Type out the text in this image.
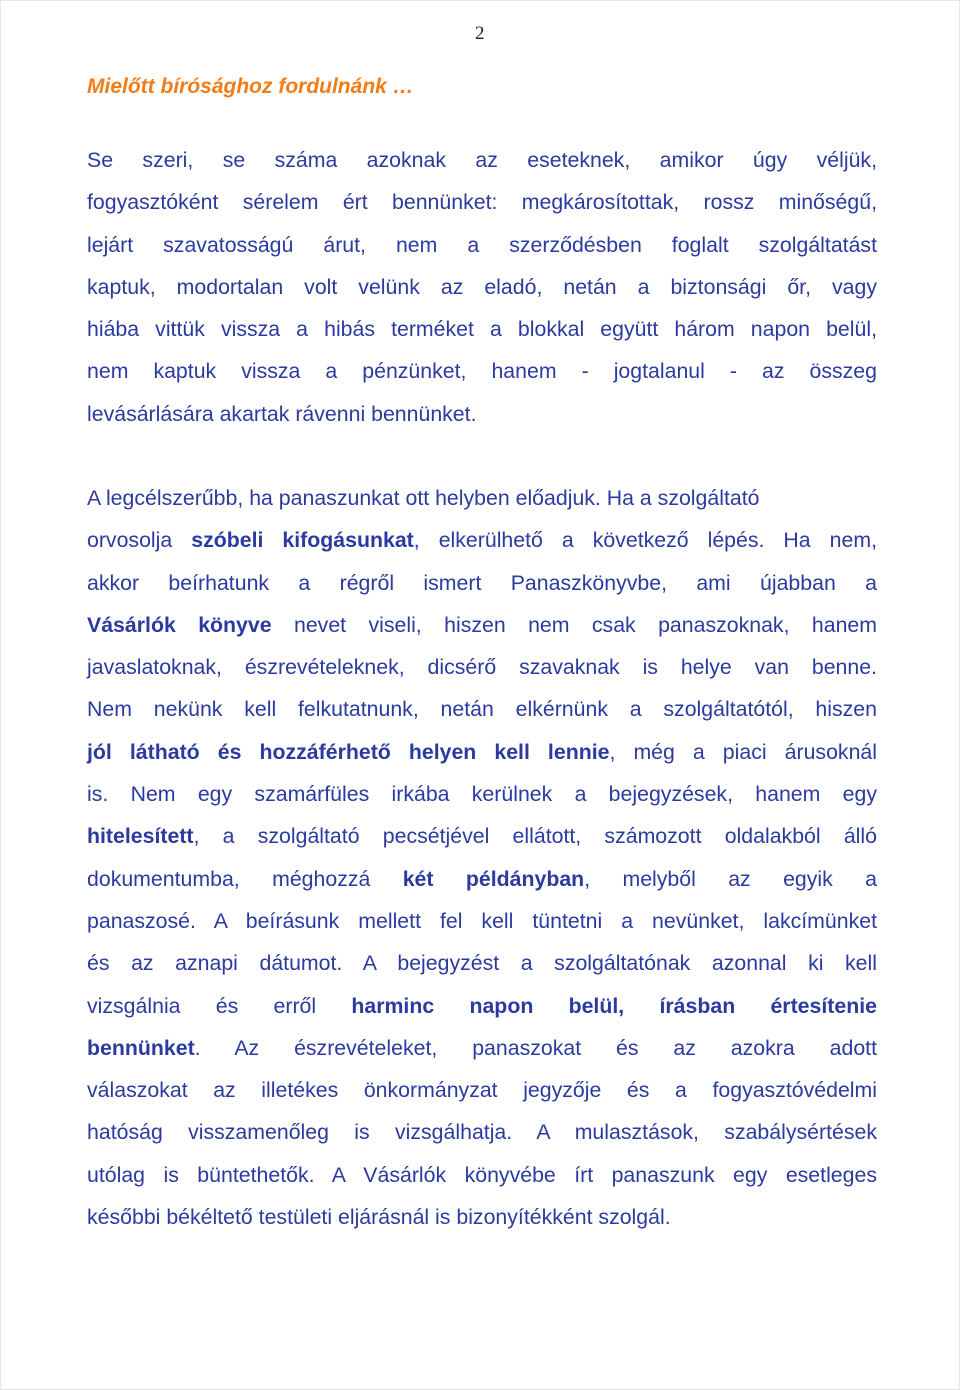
2
Mielőtt bírósághoz fordulnánk …

Se szeri, se száma azoknak az eseteknek, amikor úgy véljük,
fogyasztóként sérelem ért bennünket: megkárosítottak, rossz minőségű,
lejárt szavatosságú árut, nem a szerződésben foglalt szolgáltatást
kaptuk, modortalan volt velünk az eladó, netán a biztonsági őr, vagy
hiába vittük vissza a hibás terméket a blokkal együtt három napon belül,
nem kaptuk vissza a pénzünket, hanem - jogtalanul - az összeg
levásárlására akartak rávenni bennünket.

A legcélszerűbb, ha panaszunkat ott helyben előadjuk. Ha a szolgáltató
orvosolja szóbeli kifogásunkat, elkerülhető a következő lépés. Ha nem,
akkor beírhatunk a régről ismert Panaszkönyvbe, ami újabban a
Vásárlók könyve nevet viseli, hiszen nem csak panaszoknak, hanem
javaslatoknak, észrevételeknek, dicsérő szavaknak is helye van benne.
Nem nekünk kell felkutatnunk, netán elkérnünk a szolgáltatótól, hiszen
jól látható és hozzáférhető helyen kell lennie, még a piaci árusoknál
is. Nem egy szamárfüles irkába kerülnek a bejegyzések, hanem egy
hitelesített, a szolgáltató pecsétjével ellátott, számozott oldalakból álló
dokumentumba, méghozzá két példányban, melyből az egyik a
panaszosé. A beírásunk mellett fel kell tüntetni a nevünket, lakcímünket
és az aznapi dátumot. A bejegyzést a szolgáltatónak azonnal ki kell
vizsgálnia és erről harminc napon belül, írásban értesítenie
bennünket. Az észrevételeket, panaszokat és az azokra adott
válaszokat az illetékes önkormányzat jegyzője és a fogyasztóvédelmi
hatóság visszamenőleg is vizsgálhatja. A mulasztások, szabálysértések
utólag is büntethetők. A Vásárlók könyvébe írt panaszunk egy esetleges
későbbi békéltető testületi eljárásnál is bizonyítékként szolgál.
